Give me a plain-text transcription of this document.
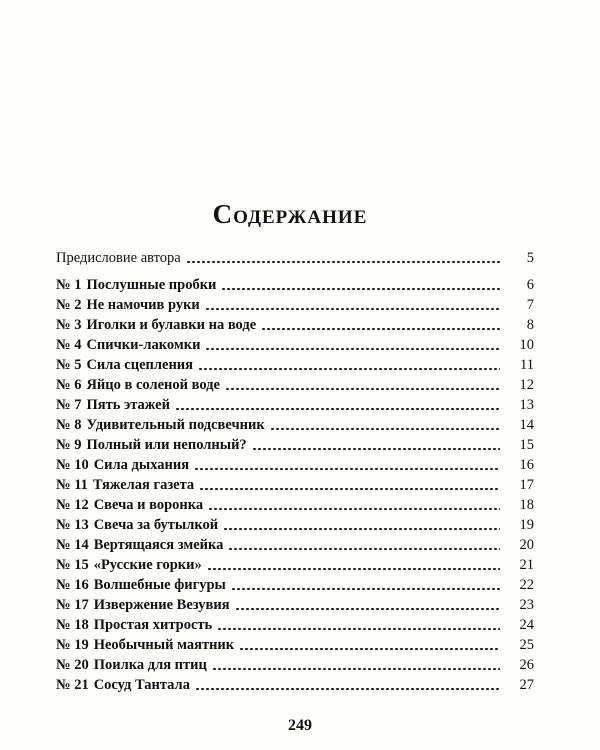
Содержание
Предисловие автора	5
№ 1 Послушные пробки	6
№ 2 Не намочив руки	7
№ 3 Иголки и булавки на воде	8
№ 4 Спички-лакомки	10
№ 5 Сила сцепления	11
№ 6 Яйцо в соленой воде	12
№ 7 Пять этажей	13
№ 8 Удивительный подсвечник	14
№ 9 Полный или неполный?	15
№ 10 Сила дыхания	16
№ 11 Тяжелая газета	17
№ 12 Свеча и воронка	18
№ 13 Свеча за бутылкой	19
№ 14 Вертящаяся змейка	20
№ 15 «Русские горки»	21
№ 16 Волшебные фигуры	22
№ 17 Извержение Везувия	23
№ 18 Простая хитрость	24
№ 19 Необычный маятник	25
№ 20 Поилка для птиц	26
№ 21 Сосуд Тантала	27
249
